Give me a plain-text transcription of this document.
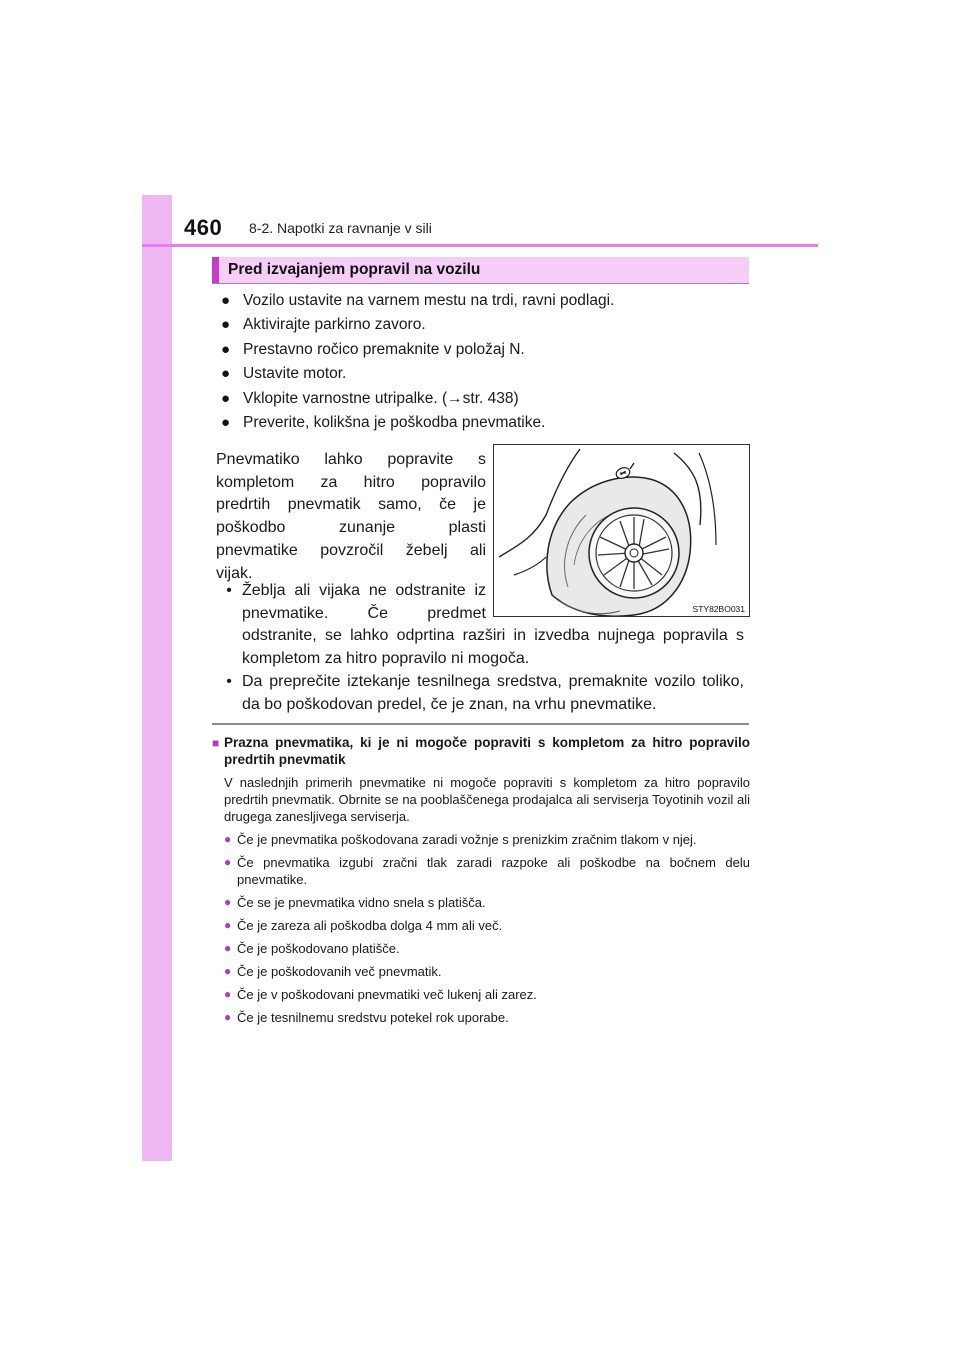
460 8-2. Napotki za ravnanje v sili
Pred izvajanjem popravil na vozilu
● Vozilo ustavite na varnem mestu na trdi, ravni podlagi.
● Aktivirajte parkirno zavoro.
● Prestavno ročico premaknite v položaj N.
● Ustavite motor.
● Vklopite varnostne utripalke. (→str. 438)
● Preverite, kolikšna je poškodba pnevmatike.
Pnevmatiko lahko popravite s
kompletom za hitro popravilo
predrtih pnevmatik samo, če je
poškodbo zunanje plasti
pnevmatike povzročil žebelj ali
vijak.
STY82BO031
• Žeblja ali vijaka ne odstranite iz
pnevmatike. Če predmet
odstranite, se lahko odprtina razširi in izvedba nujnega popravila s kompletom za hitro popravilo ni mogoča.
• Da preprečite iztekanje tesnilnega sredstva, premaknite vozilo toliko, da bo poškodovan predel, če je znan, na vrhu pnevmatike.
■ Prazna pnevmatika, ki je ni mogoče popraviti s kompletom za hitro popravilo predrtih pnevmatik
V naslednjih primerih pnevmatike ni mogoče popraviti s kompletom za hitro popravilo predrtih pnevmatik. Obrnite se na pooblaščenega prodajalca ali serviserja Toyotinih vozil ali drugega zanesljivega serviserja.
● Če je pnevmatika poškodovana zaradi vožnje s prenizkim zračnim tlakom v njej.
● Če pnevmatika izgubi zračni tlak zaradi razpoke ali poškodbe na bočnem delu pnevmatike.
● Če se je pnevmatika vidno snela s platišča.
● Če je zareza ali poškodba dolga 4 mm ali več.
● Če je poškodovano platišče.
● Če je poškodovanih več pnevmatik.
● Če je v poškodovani pnevmatiki več lukenj ali zarez.
● Če je tesnilnemu sredstvu potekel rok uporabe.
